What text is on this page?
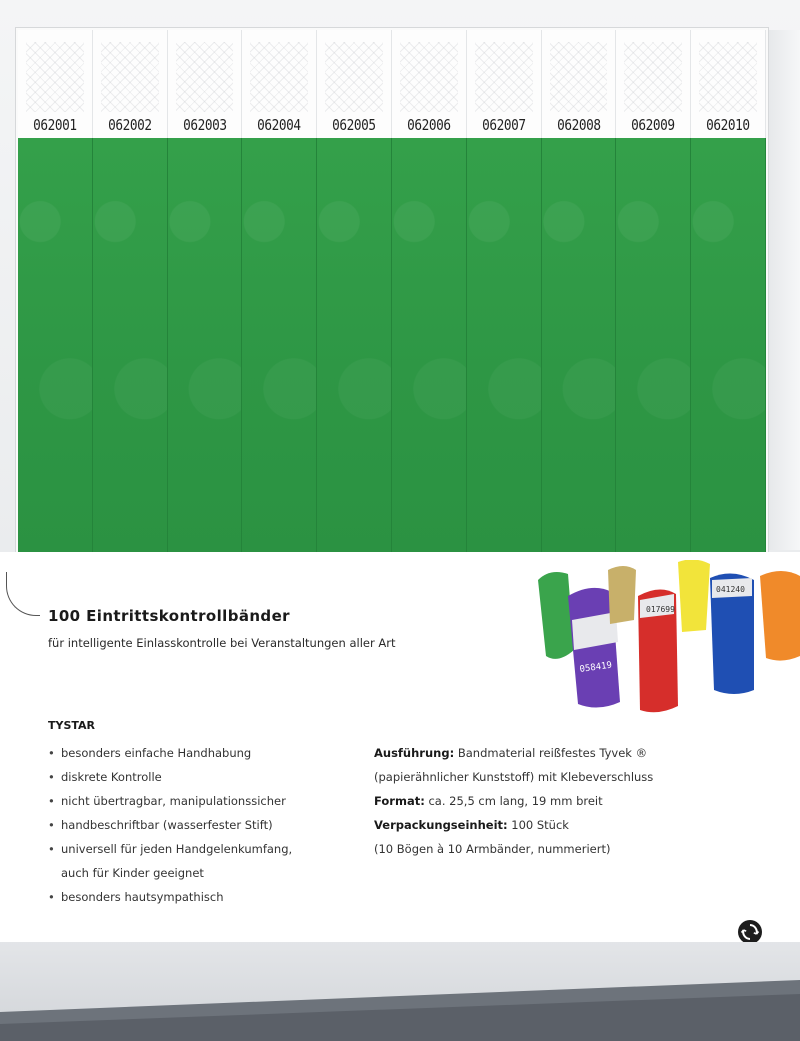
062001	062002	062003	062004	062005	062006	062007	062008	062009	062010
058419
017699
041240
100 Eintrittskontrollbänder
für intelligente Einlasskontrolle bei Veranstaltungen aller Art
TYSTAR
• besonders einfache Handhabung
• diskrete Kontrolle
• nicht übertragbar, manipulationssicher
• handbeschriftbar (wasserfester Stift)
• universell für jeden Handgelenkumfang,
auch für Kinder geeignet
• besonders hautsympathisch
Ausführung: Bandmaterial reißfestes Tyvek ®
(papierähnlicher Kunststoff) mit Klebeverschluss
Format: ca. 25,5 cm lang, 19 mm breit
Verpackungseinheit: 100 Stück
(10 Bögen à 10 Armbänder, nummeriert)
